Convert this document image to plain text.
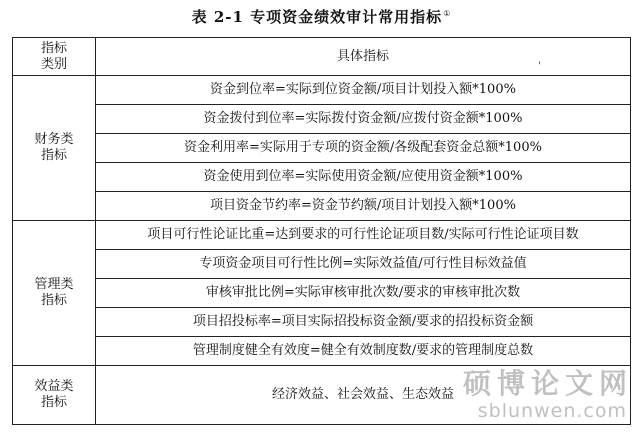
表 2-1 专项资金绩效审计常用指标①
'
指标
类别	具体指标

财务类
指标	资金到位率=实际到位资金额/项目计划投入额*100%
	资金拨付到位率=实际拨付资金额/应拨付资金额*100%
	资金利用率=实际用于专项的资金额/各级配套资金总额*100%
	资金使用到位率=实际使用资金额/应使用资金额*100%
	项目资金节约率=资金节约额/项目计划投入额*100%

管理类
指标	项目可行性论证比重=达到要求的可行性论证项目数/实际可行性论证项目数
	专项资金项目可行性比例=实际效益值/可行性目标效益值
	审核审批比例=实际审核审批次数/要求的审核审批次数
	项目招投标率=项目实际招投标资金额/要求的招投标资金额
	管理制度健全有效度=健全有效制度数/要求的管理制度总数

效益类
指标	经济效益、社会效益、生态效益 硕博论文网
sblunwen.com
